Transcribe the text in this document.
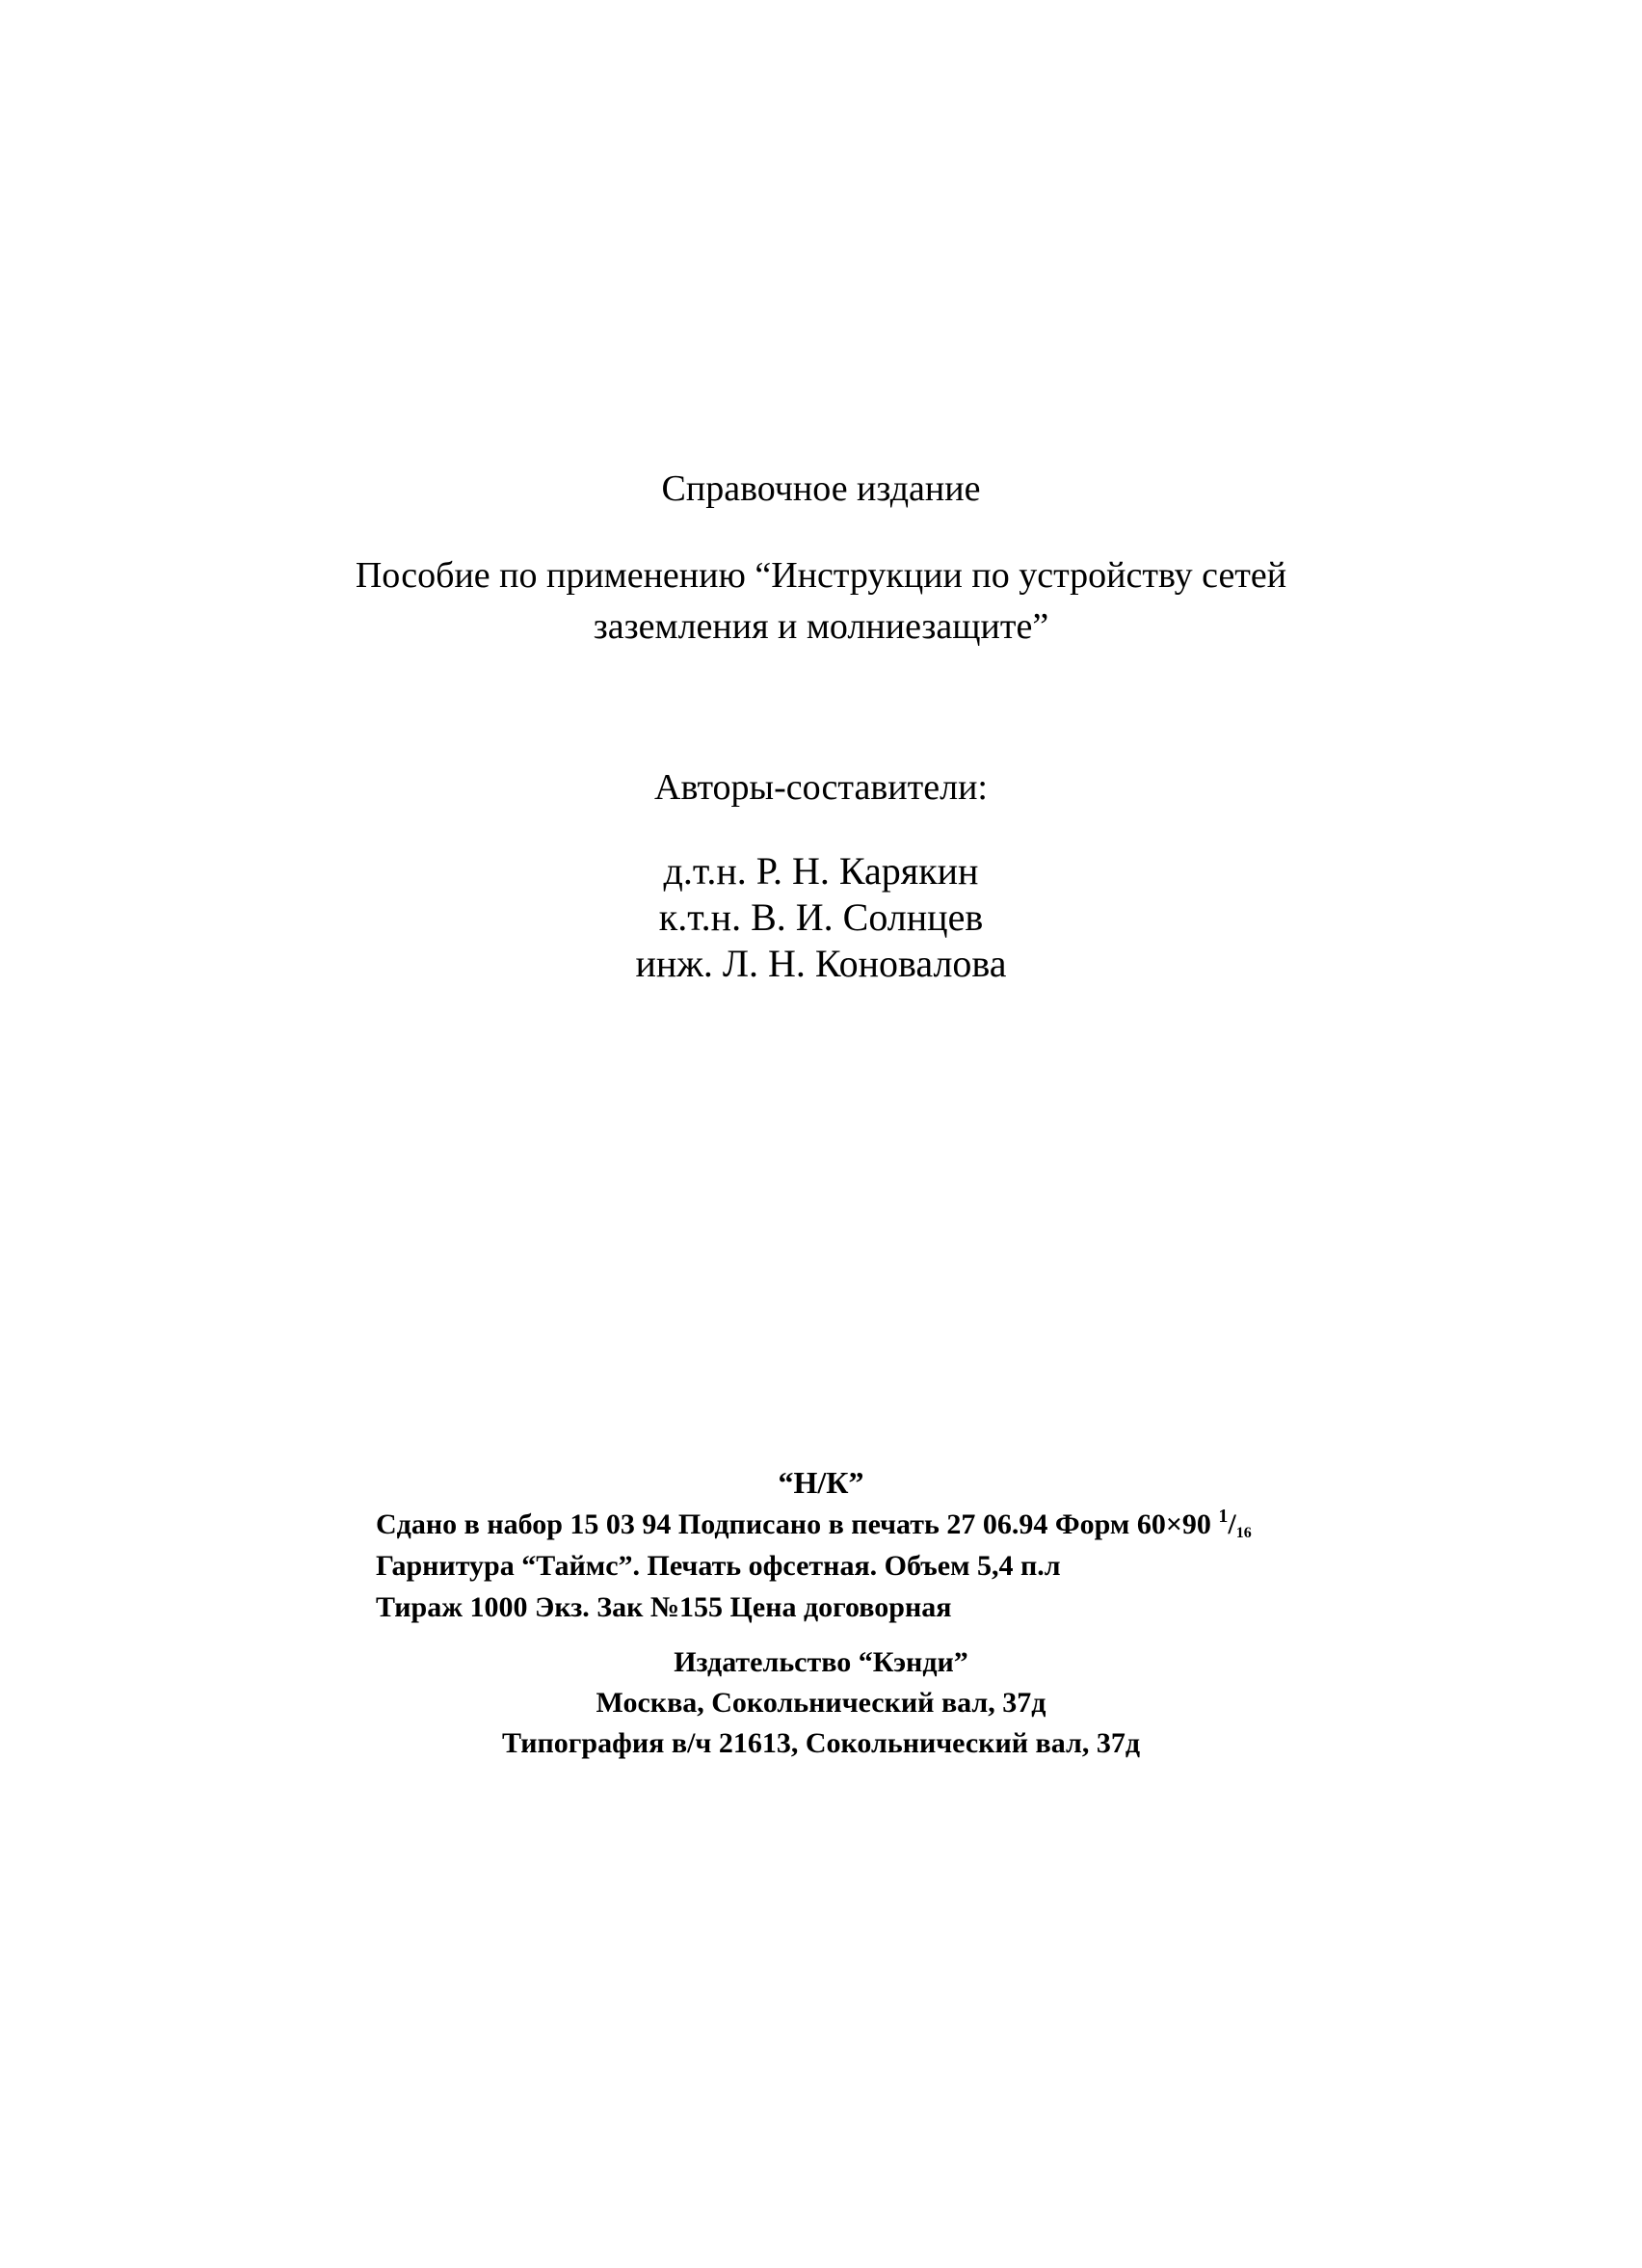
Справочное издание
Пособие по применению “Инструкции по устройству сетей
заземления и молниезащите”
Авторы-составители:
д.т.н. Р. Н. Карякин
к.т.н. В. И. Солнцев
инж. Л. Н. Коновалова
“Н/К”
Сдано в набор 15 03 94 Подписано в печать 27 06.94 Форм 60×90 $^1$/16
Гарнитура “Таймс”. Печать офсетная. Объем 5,4 п.л
Тираж 1000 Экз. Зак №155 Цена договорная
Издательство “Кэнди”
Москва, Сокольнический вал, 37д
Типография в/ч 21613, Сокольнический вал, 37д
